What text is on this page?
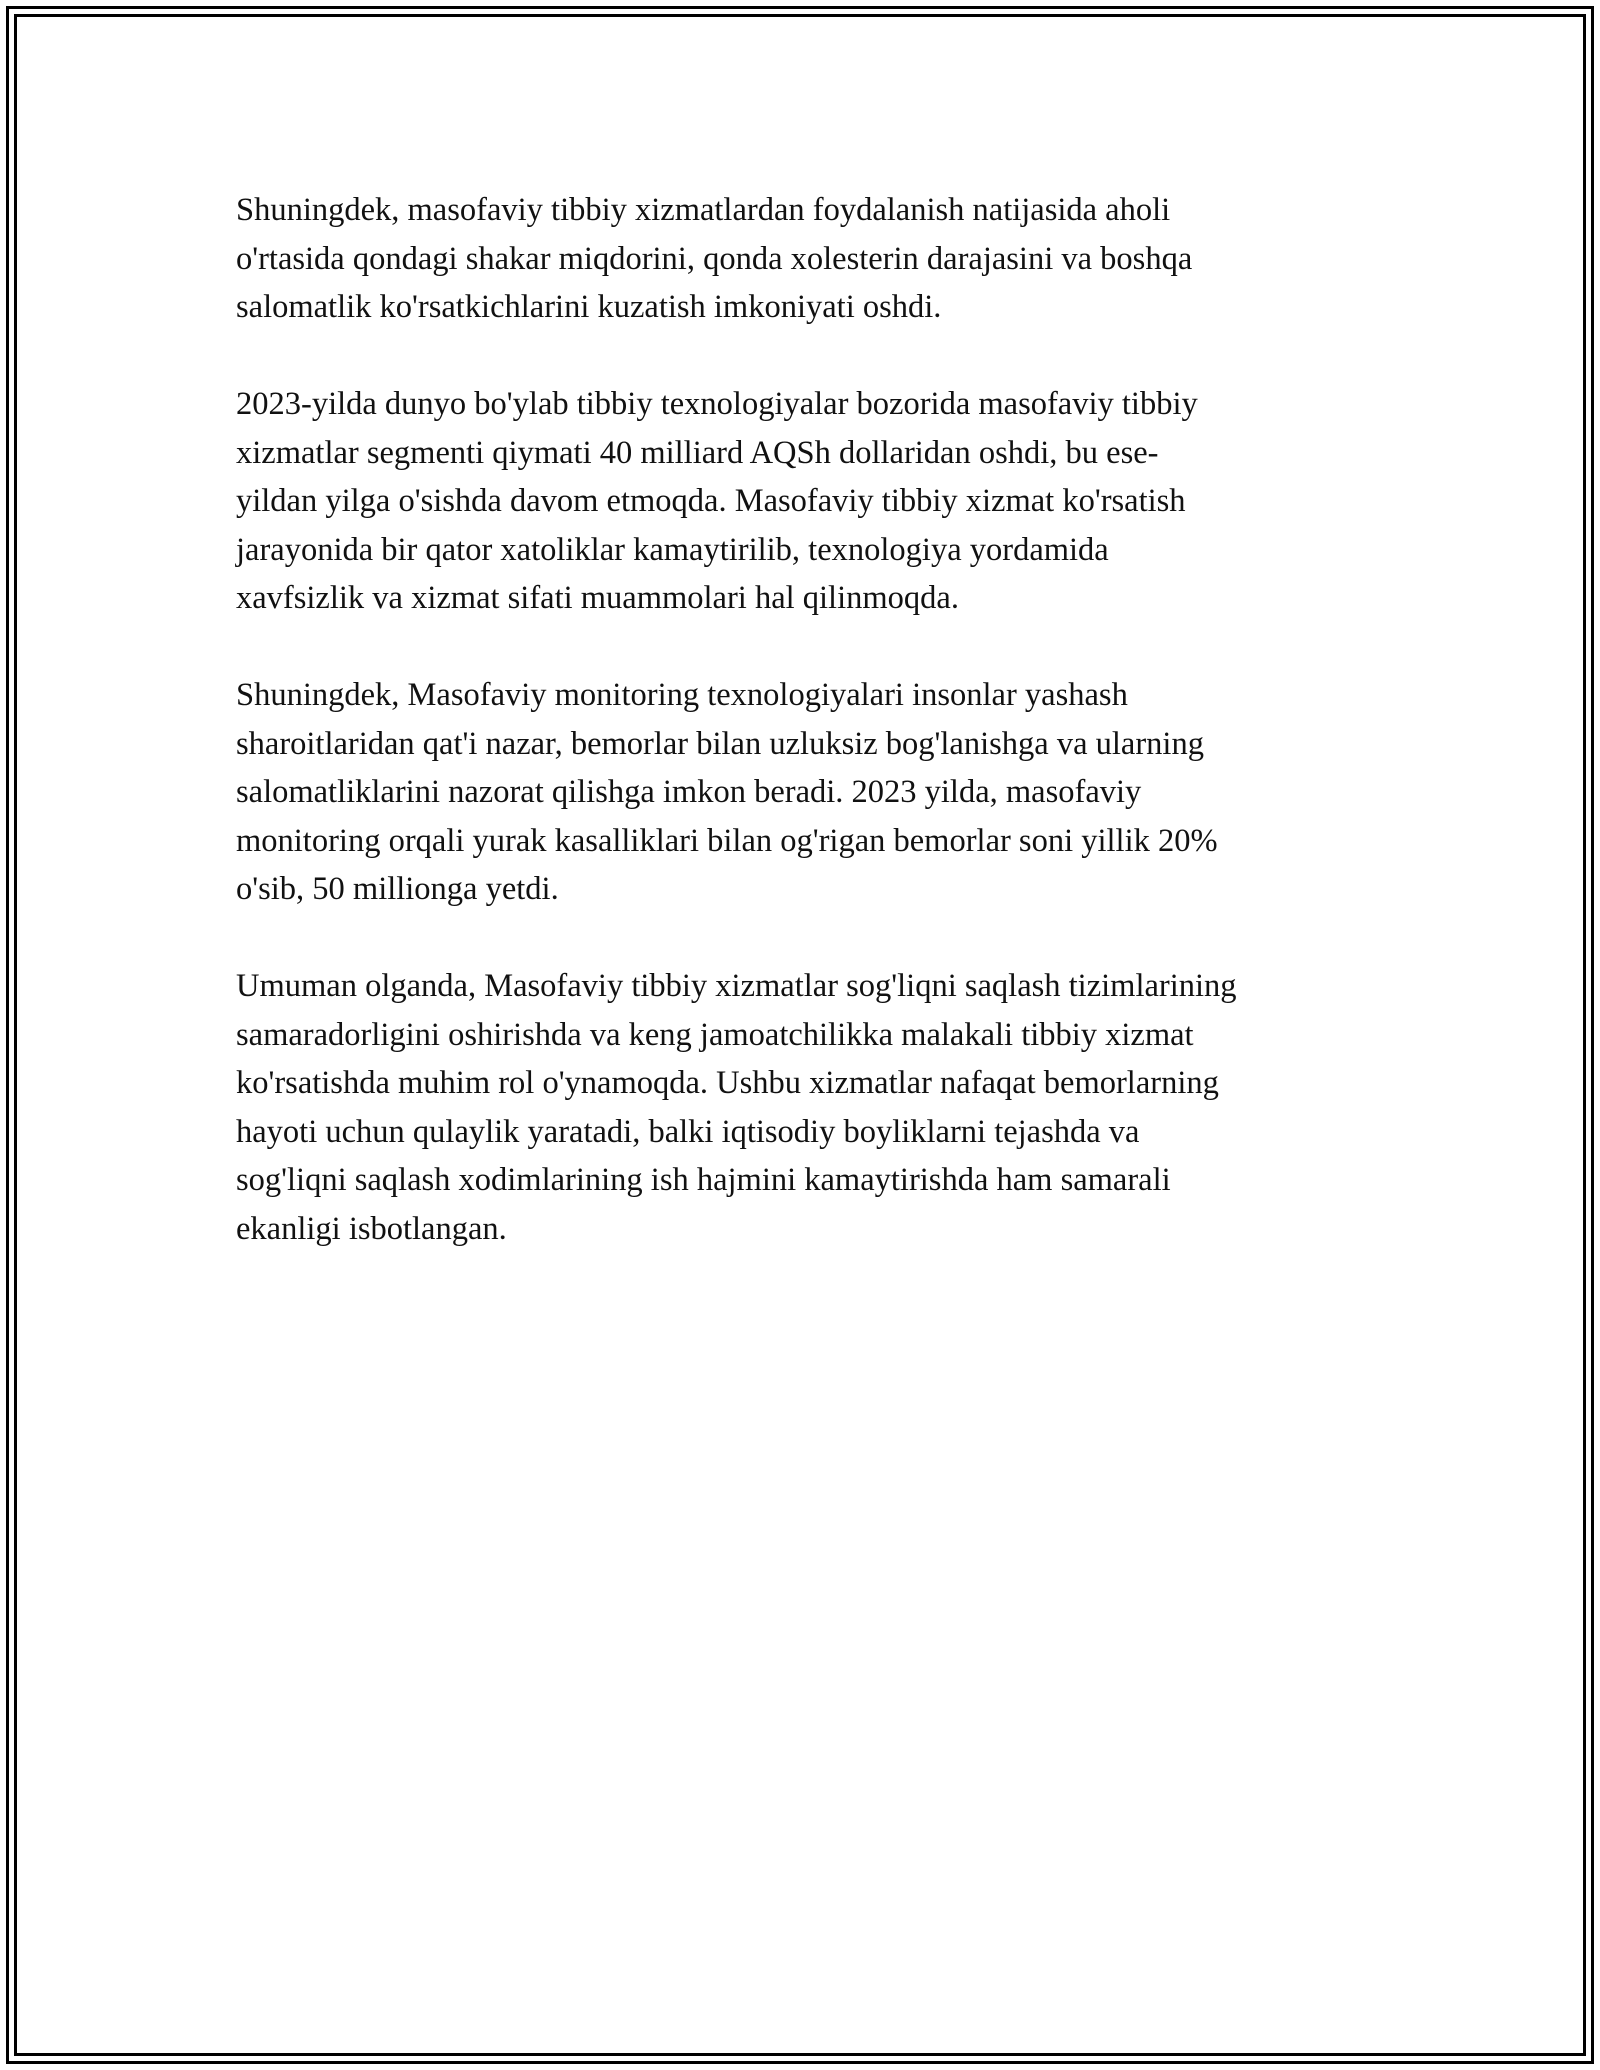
Shuningdek, masofaviy tibbiy xizmatlardan foydalanish natijasida aholi
o'rtasida qondagi shakar miqdorini, qonda xolesterin darajasini va boshqa
salomatlik ko'rsatkichlarini kuzatish imkoniyati oshdi.

2023-yilda dunyo bo'ylab tibbiy texnologiyalar bozorida masofaviy tibbiy
xizmatlar segmenti qiymati 40 milliard AQSh dollaridan oshdi, bu ese-
yildan yilga o'sishda davom etmoqda. Masofaviy tibbiy xizmat ko'rsatish
jarayonida bir qator xatoliklar kamaytirilib, texnologiya yordamida
xavfsizlik va xizmat sifati muammolari hal qilinmoqda.

Shuningdek, Masofaviy monitoring texnologiyalari insonlar yashash
sharoitlaridan qat'i nazar, bemorlar bilan uzluksiz bog'lanishga va ularning
salomatliklarini nazorat qilishga imkon beradi. 2023 yilda, masofaviy
monitoring orqali yurak kasalliklari bilan og'rigan bemorlar soni yillik 20%
o'sib, 50 millionga yetdi.

Umuman olganda, Masofaviy tibbiy xizmatlar sog'liqni saqlash tizimlarining
samaradorligini oshirishda va keng jamoatchilikka malakali tibbiy xizmat
ko'rsatishda muhim rol o'ynamoqda. Ushbu xizmatlar nafaqat bemorlarning
hayoti uchun qulaylik yaratadi, balki iqtisodiy boyliklarni tejashda va
sog'liqni saqlash xodimlarining ish hajmini kamaytirishda ham samarali
ekanligi isbotlangan.
